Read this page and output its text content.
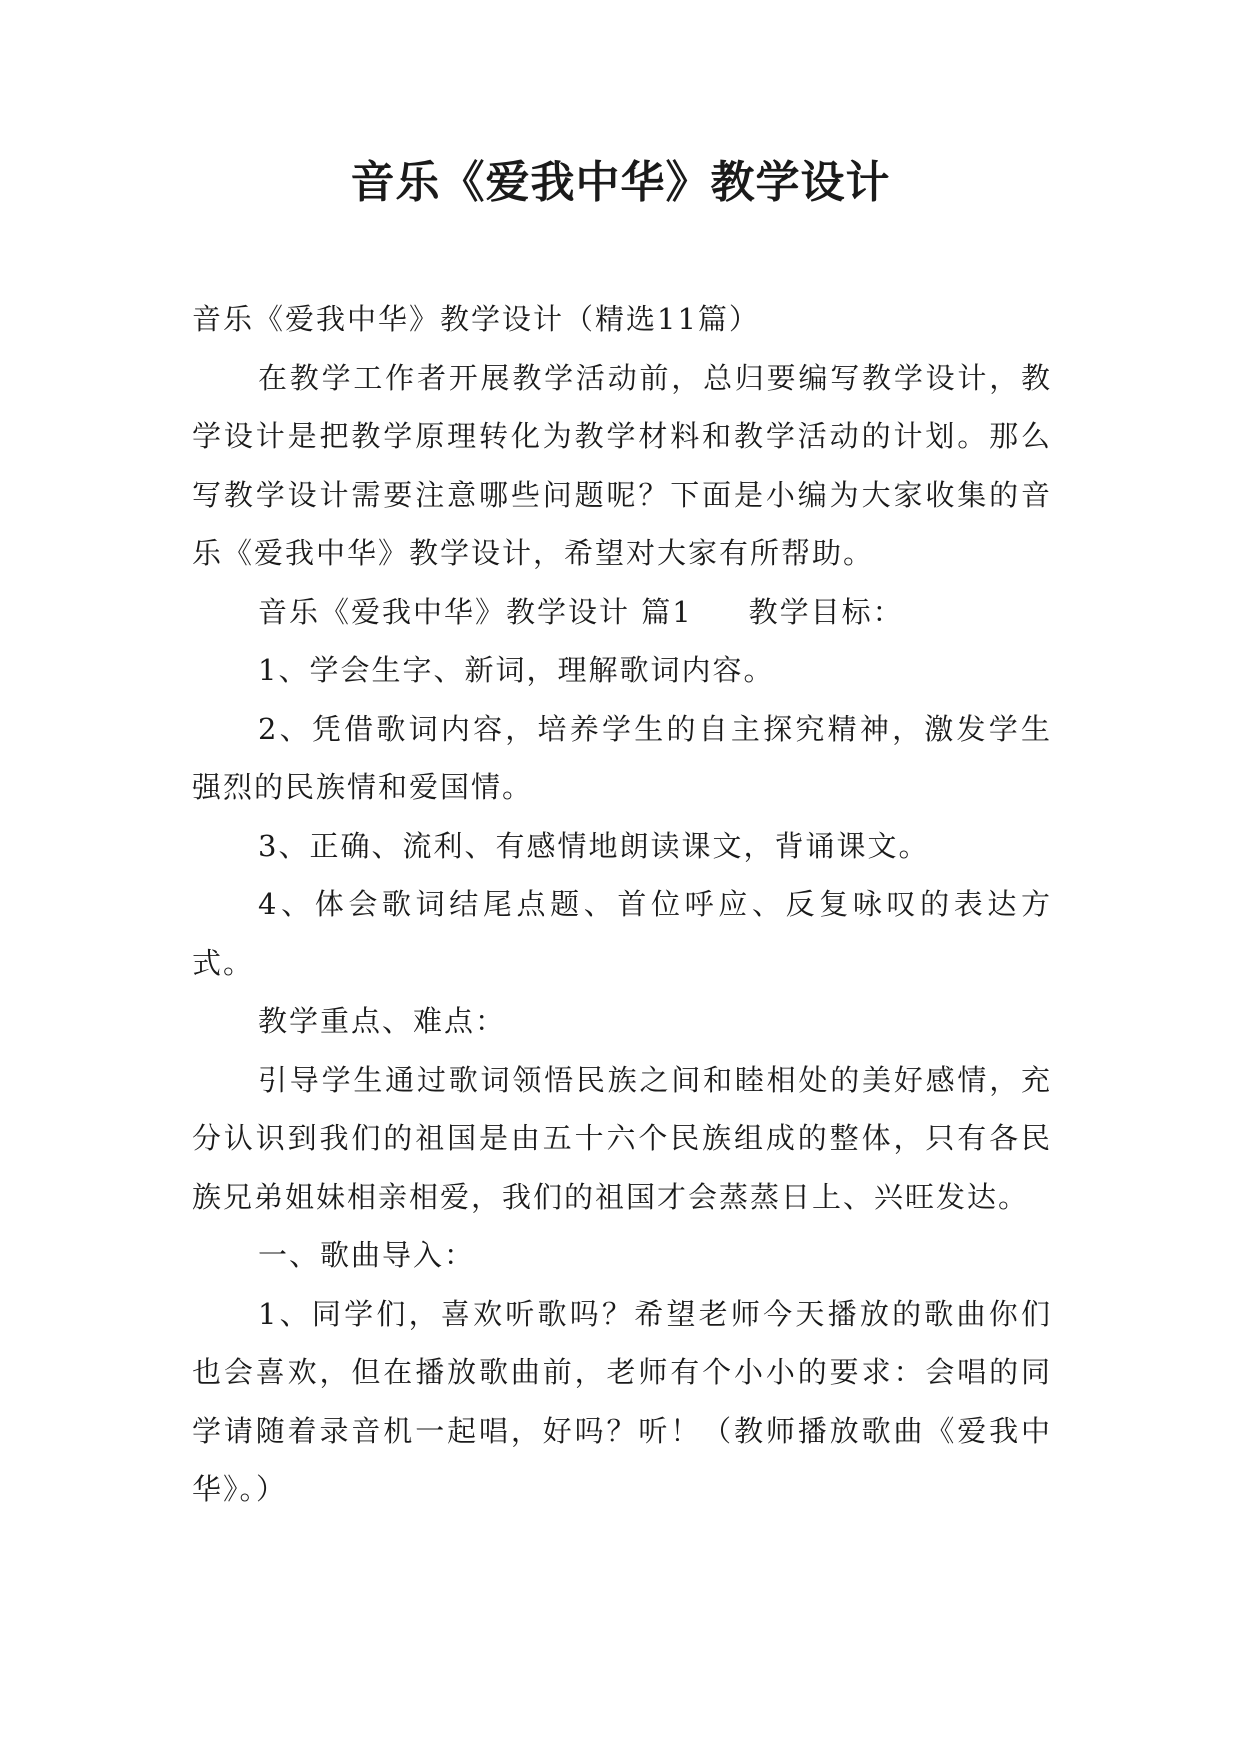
音乐《爱我中华》教学设计

音乐《爱我中华》教学设计（精选11篇）

在教学工作者开展教学活动前，总归要编写教学设计，教学设计是把教学原理转化为教学材料和教学活动的计划。那么写教学设计需要注意哪些问题呢？下面是小编为大家收集的音乐《爱我中华》教学设计，希望对大家有所帮助。

音乐《爱我中华》教学设计 篇1 教学目标：

1、学会生字、新词，理解歌词内容。

2、凭借歌词内容，培养学生的自主探究精神，激发学生强烈的民族情和爱国情。

3、正确、流利、有感情地朗读课文，背诵课文。

4、体会歌词结尾点题、首位呼应、反复咏叹的表达方式。

教学重点、难点：

引导学生通过歌词领悟民族之间和睦相处的美好感情，充分认识到我们的祖国是由五十六个民族组成的整体，只有各民族兄弟姐妹相亲相爱，我们的祖国才会蒸蒸日上、兴旺发达。

一、歌曲导入：

1、同学们，喜欢听歌吗？希望老师今天播放的歌曲你们也会喜欢，但在播放歌曲前，老师有个小小的要求：会唱的同学请随着录音机一起唱，好吗？听！（教师播放歌曲《爱我中华》。）
